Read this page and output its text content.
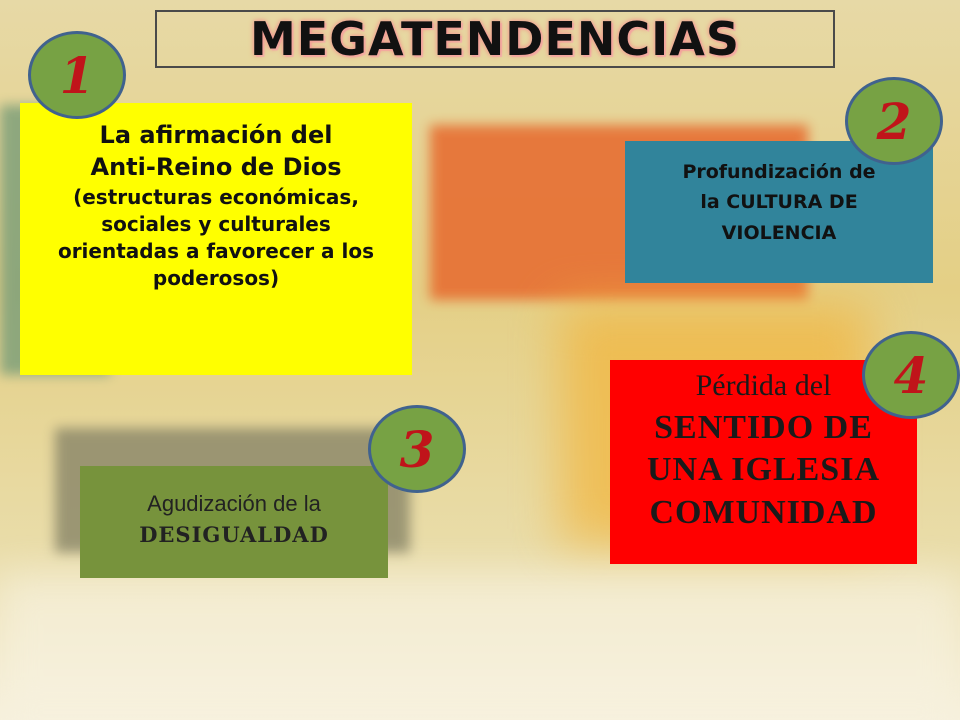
MEGATENDENCIAS
La afirmación del
Anti-Reino de Dios
(estructuras económicas, sociales y culturales orientadas a favorecer a los poderosos)
Profundización de
la CULTURA DE
VIOLENCIA
Agudización de la
DESIGUALDAD
Pérdida del
SENTIDO DE
UNA IGLESIA
COMUNIDAD
1
2
3
4
